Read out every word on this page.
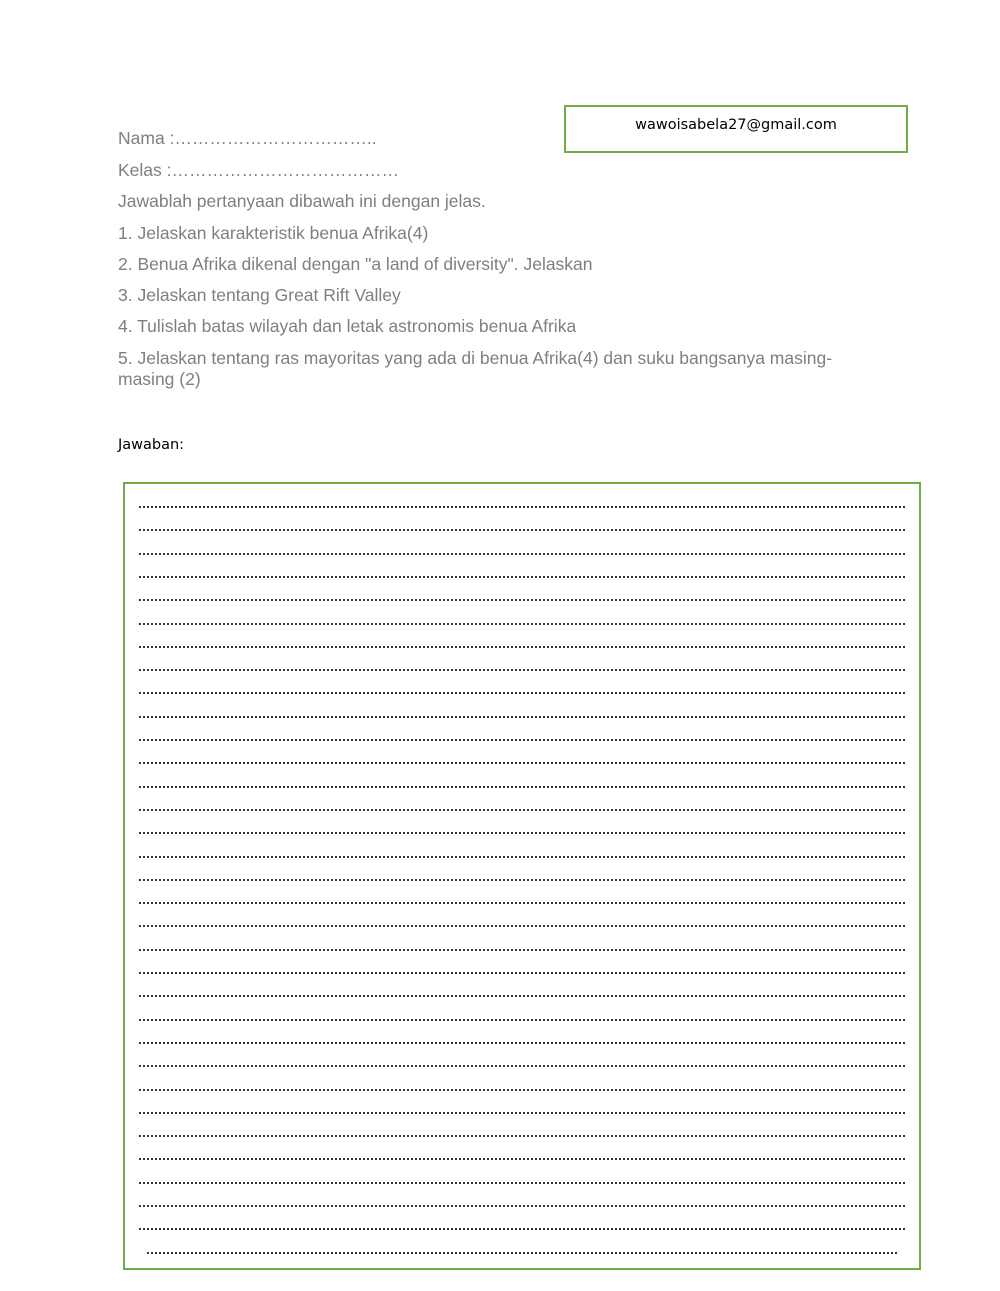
wawoisabela27@gmail.com
Nama :……………………………..
Kelas :…………………………………
Jawablah pertanyaan dibawah ini dengan jelas.
1. Jelaskan karakteristik benua Afrika(4)
2. Benua Afrika dikenal dengan "a land of diversity". Jelaskan
3. Jelaskan tentang Great Rift Valley
4. Tulislah batas wilayah dan letak astronomis benua Afrika
5. Jelaskan tentang ras mayoritas yang ada di benua Afrika(4) dan suku bangsanya masing-masing (2)
Jawaban:
